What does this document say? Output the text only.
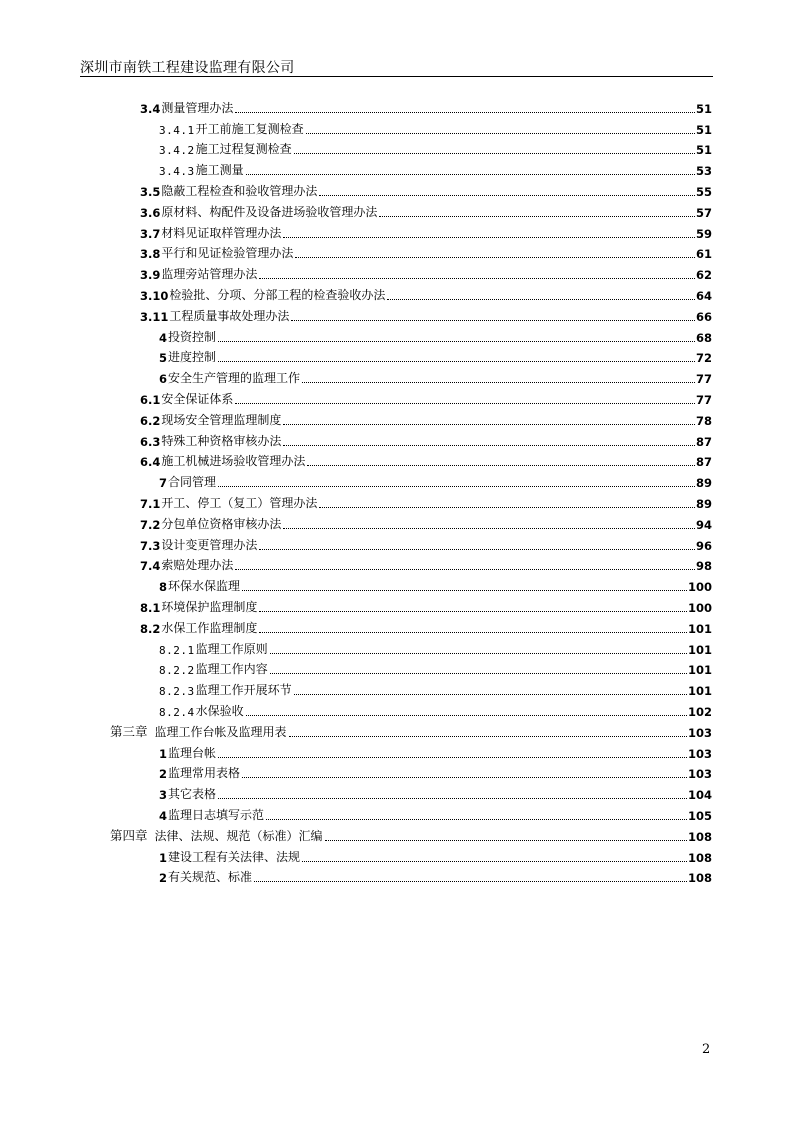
深圳市南铁工程建设监理有限公司
3.4 测量管理办法	51
3.4.1 开工前施工复测检查	51
3.4.2 施工过程复测检查	51
3.4.3 施工测量	53
3.5 隐蔽工程检查和验收管理办法	55
3.6 原材料、构配件及设备进场验收管理办法	57
3.7 材料见证取样管理办法	59
3.8 平行和见证检验管理办法	61
3.9 监理旁站管理办法	62
3.10 检验批、分项、分部工程的检查验收办法	64
3.11 工程质量事故处理办法	66
4 投资控制	68
5 进度控制	72
6 安全生产管理的监理工作	77
6.1 安全保证体系	77
6.2 现场安全管理监理制度	78
6.3 特殊工种资格审核办法	87
6.4 施工机械进场验收管理办法	87
7 合同管理	89
7.1 开工、停工（复工）管理办法	89
7.2 分包单位资格审核办法	94
7.3 设计变更管理办法	96
7.4 索赔处理办法	98
8 环保水保监理	100
8.1 环境保护监理制度	100
8.2 水保工作监理制度	101
8.2.1 监理工作原则	101
8.2.2 监理工作内容	101
8.2.3 监理工作开展环节	101
8.2.4 水保验收	102
第三章 监理工作台帐及监理用表	103
1 监理台帐	103
2 监理常用表格	103
3 其它表格	104
4 监理日志填写示范	105
第四章 法律、法规、规范（标准）汇编	108
1 建设工程有关法律、法规	108
2 有关规范、标准	108
2
